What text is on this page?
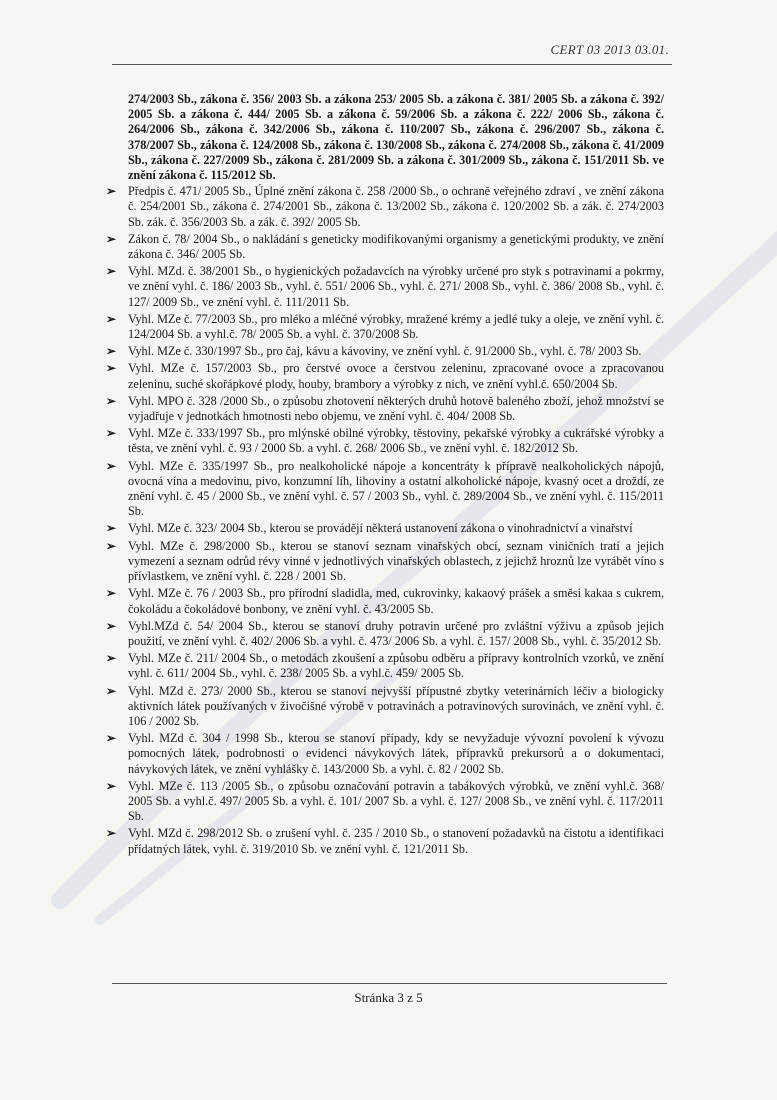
CERT 03 2013 03.01.

274/2003 Sb., zákona č. 356/ 2003 Sb. a zákona 253/ 2005 Sb. a zákona č. 381/ 2005 Sb. a zákona č. 392/ 2005 Sb. a zákona č. 444/ 2005 Sb. a zákona č. 59/2006 Sb. a zákona č. 222/ 2006 Sb., zákona č. 264/2006 Sb., zákona č. 342/2006 Sb., zákona č. 110/2007 Sb., zákona č. 296/2007 Sb., zákona č. 378/2007 Sb., zákona č. 124/2008 Sb., zákona č. 130/2008 Sb., zákona č. 274/2008 Sb., zákona č. 41/2009 Sb., zákona č. 227/2009 Sb., zákona č. 281/2009 Sb. a zákona č. 301/2009 Sb., zákona č. 151/2011 Sb. ve znění zákona č. 115/2012 Sb.

➢ Předpis č. 471/ 2005 Sb., Úplné znění zákona č. 258 /2000 Sb., o ochraně veřejného zdraví , ve znění zákona č. 254/2001 Sb., zákona č. 274/2001 Sb., zákona č. 13/2002 Sb., zákona č. 120/2002 Sb. a zák. č. 274/2003 Sb. zák. č. 356/2003 Sb. a zák. č. 392/ 2005 Sb.
➢ Zákon č. 78/ 2004 Sb., o nakládání s geneticky modifikovanými organismy a genetickými produkty, ve znění zákona č. 346/ 2005 Sb.
➢ Vyhl. MZd. č. 38/2001 Sb., o hygienických požadavcích na výrobky určené pro styk s potravinami a pokrmy, ve znění vyhl. č. 186/ 2003 Sb., vyhl. č. 551/ 2006 Sb., vyhl. č. 271/ 2008 Sb., vyhl. č. 386/ 2008 Sb., vyhl. č. 127/ 2009 Sb., ve znění vyhl. č. 111/2011 Sb.
➢ Vyhl. MZe č. 77/2003 Sb., pro mléko a mléčné výrobky, mražené krémy a jedlé tuky a oleje, ve znění vyhl. č. 124/2004 Sb. a vyhl.č. 78/ 2005 Sb. a vyhl. č. 370/2008 Sb.
➢ Vyhl. MZe č. 330/1997 Sb., pro čaj, kávu a kávoviny, ve znění vyhl. č. 91/2000 Sb., vyhl. č. 78/ 2003 Sb.
➢ Vyhl. MZe č. 157/2003 Sb., pro čerstvé ovoce a čerstvou zeleninu, zpracované ovoce a zpracovanou zeleninu, suché skořápkové plody, houby, brambory a výrobky z nich, ve znění vyhl.č. 650/2004 Sb.
➢ Vyhl. MPO č. 328 /2000 Sb., o způsobu zhotovení některých druhů hotově baleného zboží, jehož množství se vyjadřuje v jednotkách hmotnosti nebo objemu, ve znění vyhl. č. 404/ 2008 Sb.
➢ Vyhl. MZe č. 333/1997 Sb., pro mlýnské obilné výrobky, těstoviny, pekařské výrobky a cukrářské výrobky a těsta, ve znění vyhl. č. 93 / 2000 Sb. a vyhl. č. 268/ 2006 Sb., ve znění vyhl. č. 182/2012 Sb.
➢ Vyhl. MZe č. 335/1997 Sb., pro nealkoholické nápoje a koncentráty k přípravě nealkoholických nápojů, ovocná vína a medovinu, pivo, konzumní líh, lihoviny a ostatní alkoholické nápoje, kvasný ocet a droždí, ze znění vyhl. č. 45 / 2000 Sb., ve znění vyhl. č. 57 / 2003 Sb., vyhl. č. 289/2004 Sb., ve znění vyhl. č. 115/2011 Sb.
➢ Vyhl. MZe č. 323/ 2004 Sb., kterou se provádějí některá ustanovení zákona o vinohradnictví a vinařství
➢ Vyhl. MZe č. 298/2000 Sb., kterou se stanoví seznam vinařských obcí, seznam viničních tratí a jejich vymezení a seznam odrůd révy vinné v jednotlivých vinařských oblastech, z jejichž hroznů lze vyrábět víno s přívlastkem, ve znění vyhl. č. 228 / 2001 Sb.
➢ Vyhl. MZe č. 76 / 2003 Sb., pro přírodní sladidla, med, cukrovinky, kakaový prášek a směsi kakaa s cukrem, čokoládu a čokoládové bonbony, ve znění vyhl. č. 43/2005 Sb.
➢ Vyhl.MZd č. 54/ 2004 Sb., kterou se stanoví druhy potravin určené pro zvláštní výživu a způsob jejich použití, ve znění vyhl. č. 402/ 2006 Sb. a vyhl. č. 473/ 2006 Sb. a vyhl. č. 157/ 2008 Sb., vyhl. č. 35/2012 Sb.
➢ Vyhl. MZe č. 211/ 2004 Sb., o metodách zkoušení a způsobu odběru a přípravy kontrolních vzorků, ve znění vyhl. č. 611/ 2004 Sb., vyhl. č. 238/ 2005 Sb. a vyhl.č. 459/ 2005 Sb.
➢ Vyhl. MZd č. 273/ 2000 Sb., kterou se stanoví nejvyšší přípustné zbytky veterinárních léčiv a biologicky aktivních látek používaných v živočišné výrobě v potravinách a potravinových surovinách, ve znění vyhl. č. 106 / 2002 Sb.
➢ Vyhl. MZd č. 304 / 1998 Sb., kterou se stanoví případy, kdy se nevyžaduje vývozní povolení k vývozu pomocných látek, podrobnosti o evidenci návykových látek, přípravků prekursorů a o dokumentaci, návykových látek, ve znění vyhlášky č. 143/2000 Sb. a vyhl. č. 82 / 2002 Sb.
➢ Vyhl. MZe č. 113 /2005 Sb., o způsobu označování potravin a tabákových výrobků, ve znění vyhl.č. 368/ 2005 Sb. a vyhl.č. 497/ 2005 Sb. a vyhl. č. 101/ 2007 Sb. a vyhl. č. 127/ 2008 Sb., ve znění vyhl. č. 117/2011 Sb.
➢ Vyhl. MZd č. 298/2012 Sb. o zrušení vyhl. č. 235 / 2010 Sb., o stanovení požadavků na čistotu a identifikaci přídatných látek, vyhl. č. 319/2010 Sb. ve znění vyhl. č. 121/2011 Sb.
Stránka 3 z 5
